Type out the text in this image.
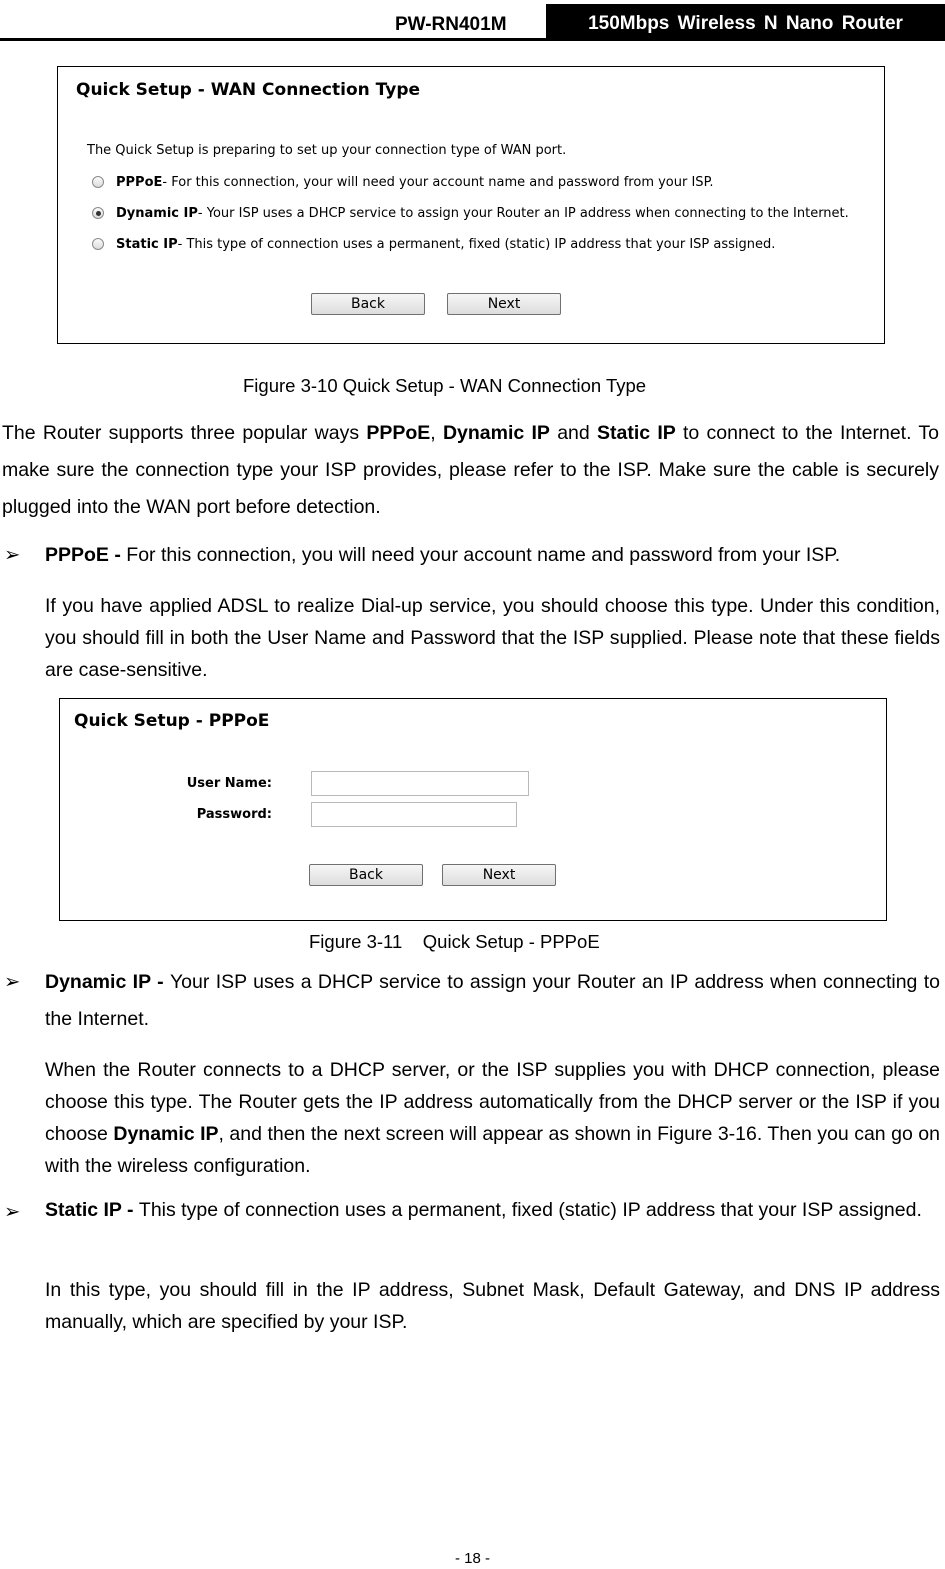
PW-RN401M	150Mbps Wireless N Nano Router
Quick Setup - WAN Connection Type
The Quick Setup is preparing to set up your connection type of WAN port.
PPPoE - For this connection, your will need your account name and password from your ISP.
Dynamic IP - Your ISP uses a DHCP service to assign your Router an IP address when connecting to the Internet.
Static IP - This type of connection uses a permanent, fixed (static) IP address that your ISP assigned.
Back	Next
Figure 3-10 Quick Setup - WAN Connection Type
The Router supports three popular ways PPPoE, Dynamic IP and Static IP to connect to the Internet. To make sure the connection type your ISP provides, please refer to the ISP. Make sure the cable is securely plugged into the WAN port before detection.
➢ PPPoE - For this connection, you will need your account name and password from your ISP.
If you have applied ADSL to realize Dial-up service, you should choose this type. Under this condition, you should fill in both the User Name and Password that the ISP supplied. Please note that these fields are case-sensitive.
Quick Setup - PPPoE
User Name:
Password:
Back	Next
Figure 3-11    Quick Setup - PPPoE
➢ Dynamic IP - Your ISP uses a DHCP service to assign your Router an IP address when connecting to the Internet.
When the Router connects to a DHCP server, or the ISP supplies you with DHCP connection, please choose this type. The Router gets the IP address automatically from the DHCP server or the ISP if you choose Dynamic IP, and then the next screen will appear as shown in Figure 3-16. Then you can go on with the wireless configuration.
➢ Static IP - This type of connection uses a permanent, fixed (static) IP address that your ISP assigned.
In this type, you should fill in the IP address, Subnet Mask, Default Gateway, and DNS IP address manually, which are specified by your ISP.
- 18 -
